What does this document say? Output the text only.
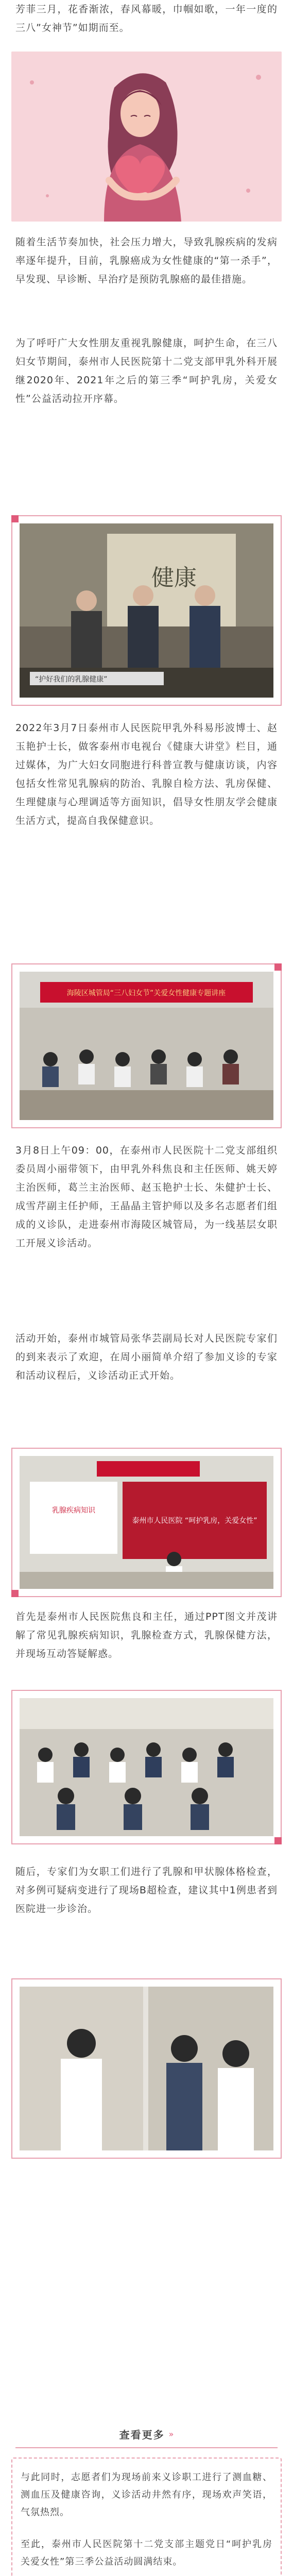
芳菲三月，花香渐浓，春风幕暖，巾帼如歌，一年一度的三八”女神节”如期而至。

随着生活节奏加快，社会压力增大，导致乳腺疾病的发病率逐年提升，目前，乳腺癌成为女性健康的“第一杀手”，早发现、早诊断、早治疗是预防乳腺癌的最佳措施。

为了呼吁广大女性朋友重视乳腺健康，呵护生命，在三八妇女节期间，泰州市人民医院第十二党支部甲乳外科开展继2020年、2021年之后的第三季“呵护乳房，关爱女性”公益活动拉开序幕。

健康
“护好我们的乳腺健康”

2022年3月7日泰州市人民医院甲乳外科易彤波博士、赵玉艳护士长，做客泰州市电视台《健康大讲堂》栏目，通过媒体，为广大妇女同胞进行科普宣教与健康访谈，内容包括女性常见乳腺病的防治、乳腺自检方法、乳房保健、生理健康与心理调适等方面知识，倡导女性朋友学会健康生活方式，提高自我保健意识。

海陵区城管局“三八妇女节”关爱女性健康专题讲座

3月8日上午09：00，在泰州市人民医院十二党支部组织委员周小丽带领下，由甲乳外科焦良和主任医师、姚天婷主治医师，葛兰主治医师、赵玉艳护士长、朱健护士长、成雪芹副主任护师，王晶晶主管护师以及多名志愿者们组成的义诊队，走进泰州市海陵区城管局，为一线基层女职工开展义诊活动。

活动开始，泰州市城管局张华芸副局长对人民医院专家们的到来表示了欢迎，在周小丽简单介绍了参加义诊的专家和活动议程后，义诊活动正式开始。

乳腺疾病知识
泰州市人民医院 “呵护乳房，关爱女性”

首先是泰州市人民医院焦良和主任，通过PPT图文并茂讲解了常见乳腺疾病知识，乳腺检查方式，乳腺保健方法，并现场互动答疑解惑。

随后，专家们为女职工们进行了乳腺和甲状腺体格检查，对多例可疑病变进行了现场B超检查，建议其中1例患者到医院进一步诊治。

查看更多 »

与此同时，志愿者们为现场前来义诊职工进行了测血糖、测血压及健康咨询，义诊活动井然有序，现场欢声笑语，气氛热烈。

至此，泰州市人民医院第十二党支部主题党日“呵护乳房 关爱女性”第三季公益活动圆满结束。
